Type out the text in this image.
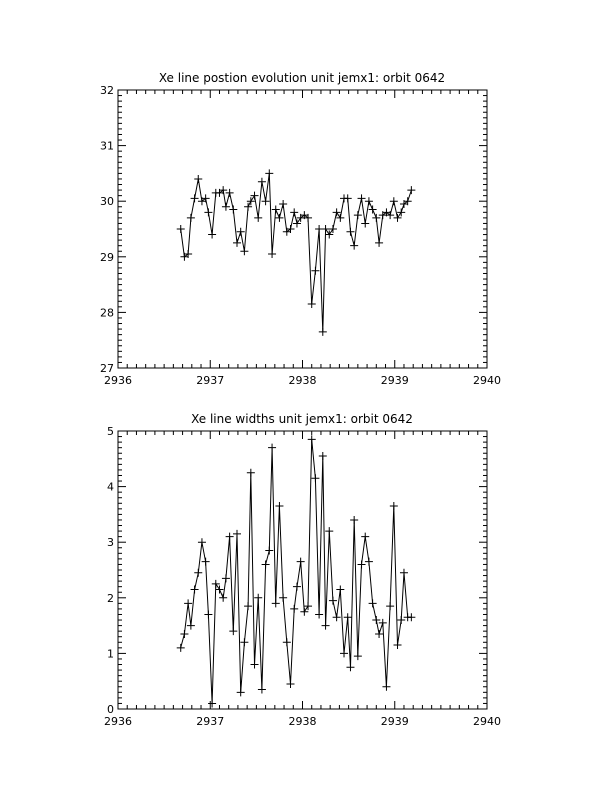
Xe line postion evolution unit jemx1: orbit 0642
2936	2937	2938	2939	2940
27
28
29
30
31
32
Xe line widths unit jemx1: orbit 0642
2936	2937	2938	2939	2940
0
1
2
3
4
5
